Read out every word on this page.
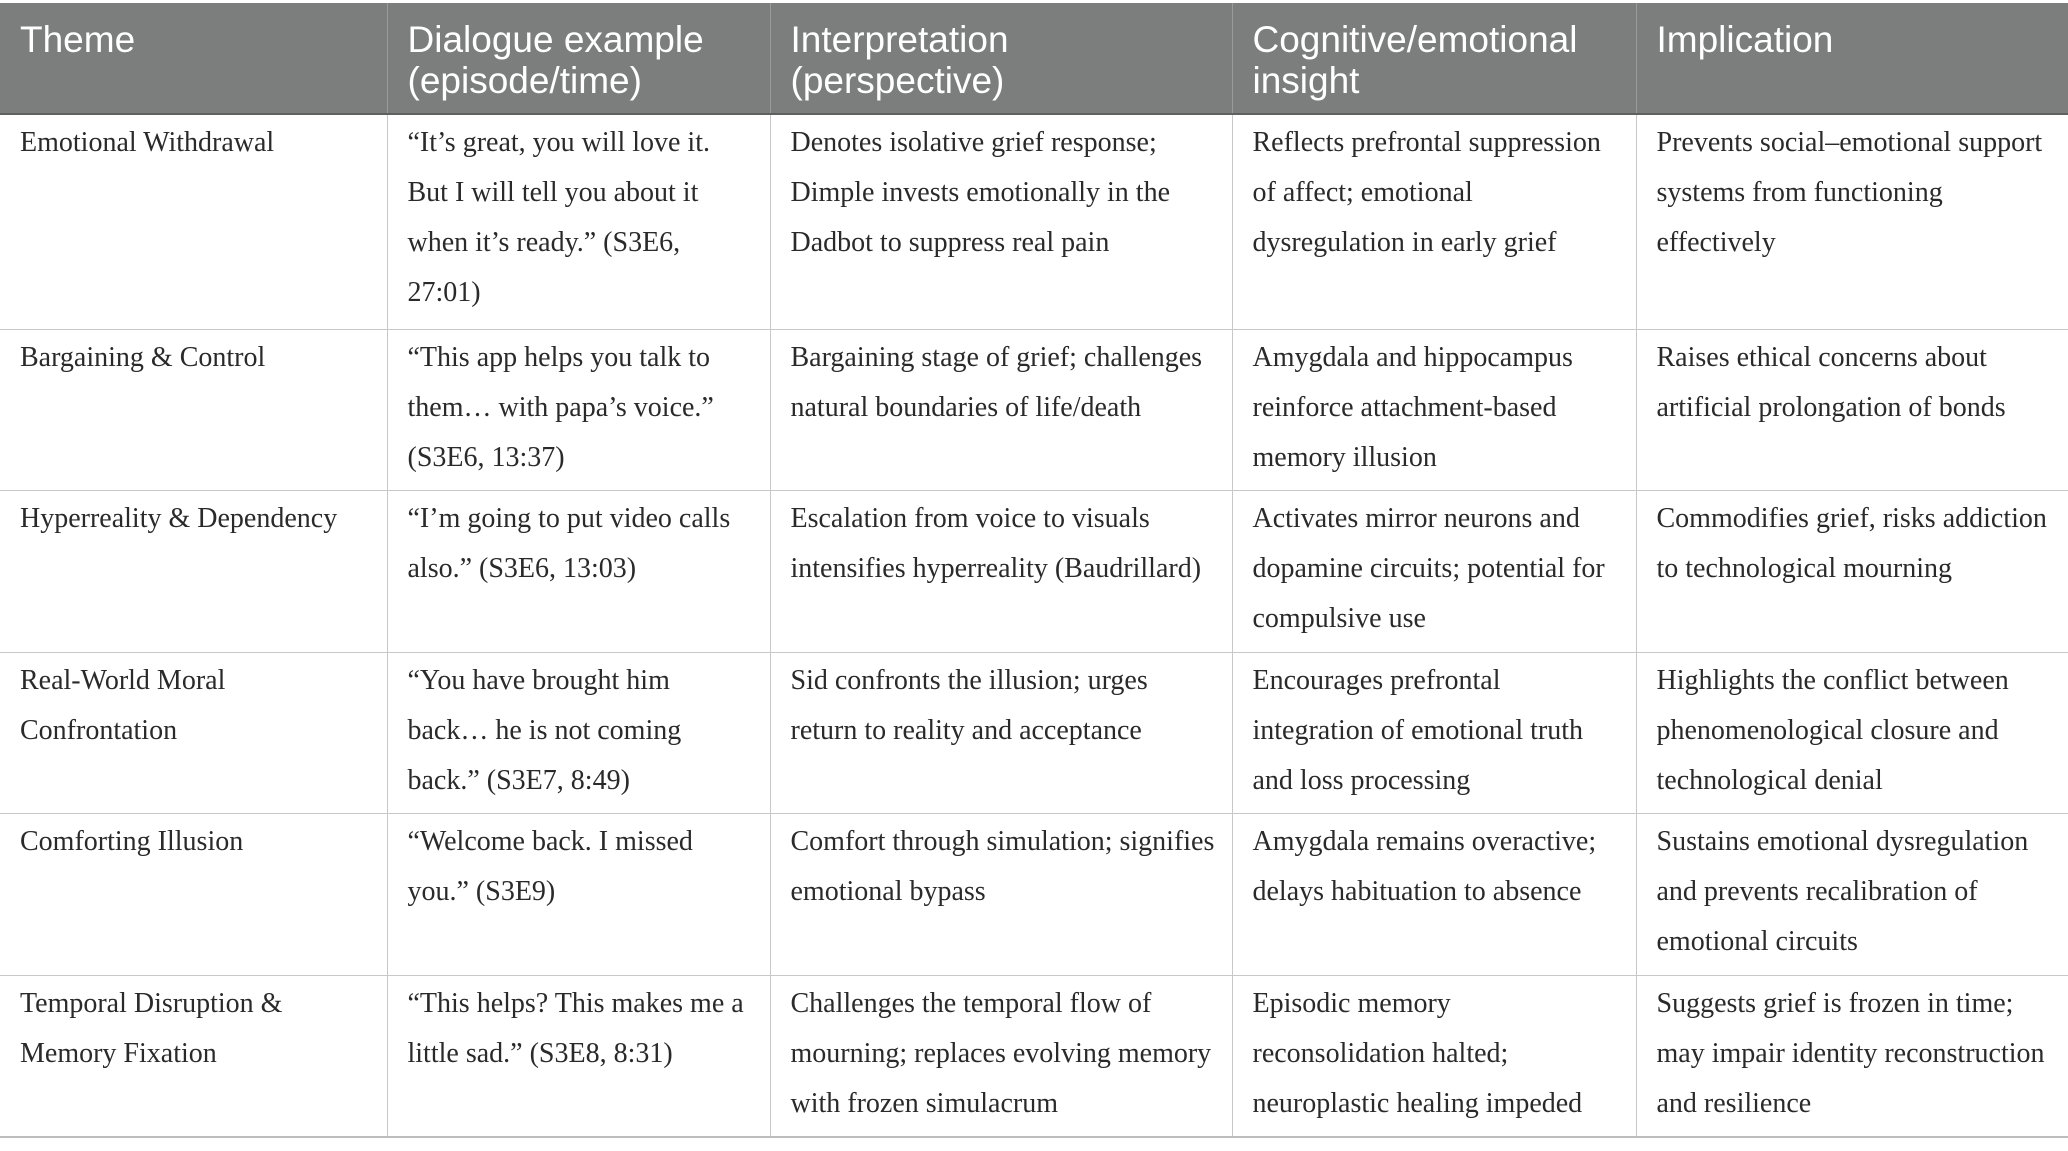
Theme	Dialogue example (episode/time)	Interpretation (perspective)	Cognitive/emotional insight	Implication
Emotional Withdrawal	“It’s great, you will love it. But I will tell you about it when it’s ready.” (S3E6, 27:01)	Denotes isolative grief response; Dimple invests emotionally in the Dadbot to suppress real pain	Reflects prefrontal suppression of affect; emotional dysregulation in early grief	Prevents social–emotional support systems from functioning effectively
Bargaining & Control	“This app helps you talk to them… with papa’s voice.” (S3E6, 13:37)	Bargaining stage of grief; challenges natural boundaries of life/death	Amygdala and hippocampus reinforce attachment-based memory illusion	Raises ethical concerns about artificial prolongation of bonds
Hyperreality & Dependency	“I’m going to put video calls also.” (S3E6, 13:03)	Escalation from voice to visuals intensifies hyperreality (Baudrillard)	Activates mirror neurons and dopamine circuits; potential for compulsive use	Commodifies grief, risks addiction to technological mourning
Real-World Moral Confrontation	“You have brought him back… he is not coming back.” (S3E7, 8:49)	Sid confronts the illusion; urges return to reality and acceptance	Encourages prefrontal integration of emotional truth and loss processing	Highlights the conflict between phenomenological closure and technological denial
Comforting Illusion	“Welcome back. I missed you.” (S3E9)	Comfort through simulation; signifies emotional bypass	Amygdala remains overactive; delays habituation to absence	Sustains emotional dysregulation and prevents recalibration of emotional circuits
Temporal Disruption & Memory Fixation	“This helps? This makes me a little sad.” (S3E8, 8:31)	Challenges the temporal flow of mourning; replaces evolving memory with frozen simulacrum	Episodic memory reconsolidation halted; neuroplastic healing impeded	Suggests grief is frozen in time; may impair identity reconstruction and resilience
